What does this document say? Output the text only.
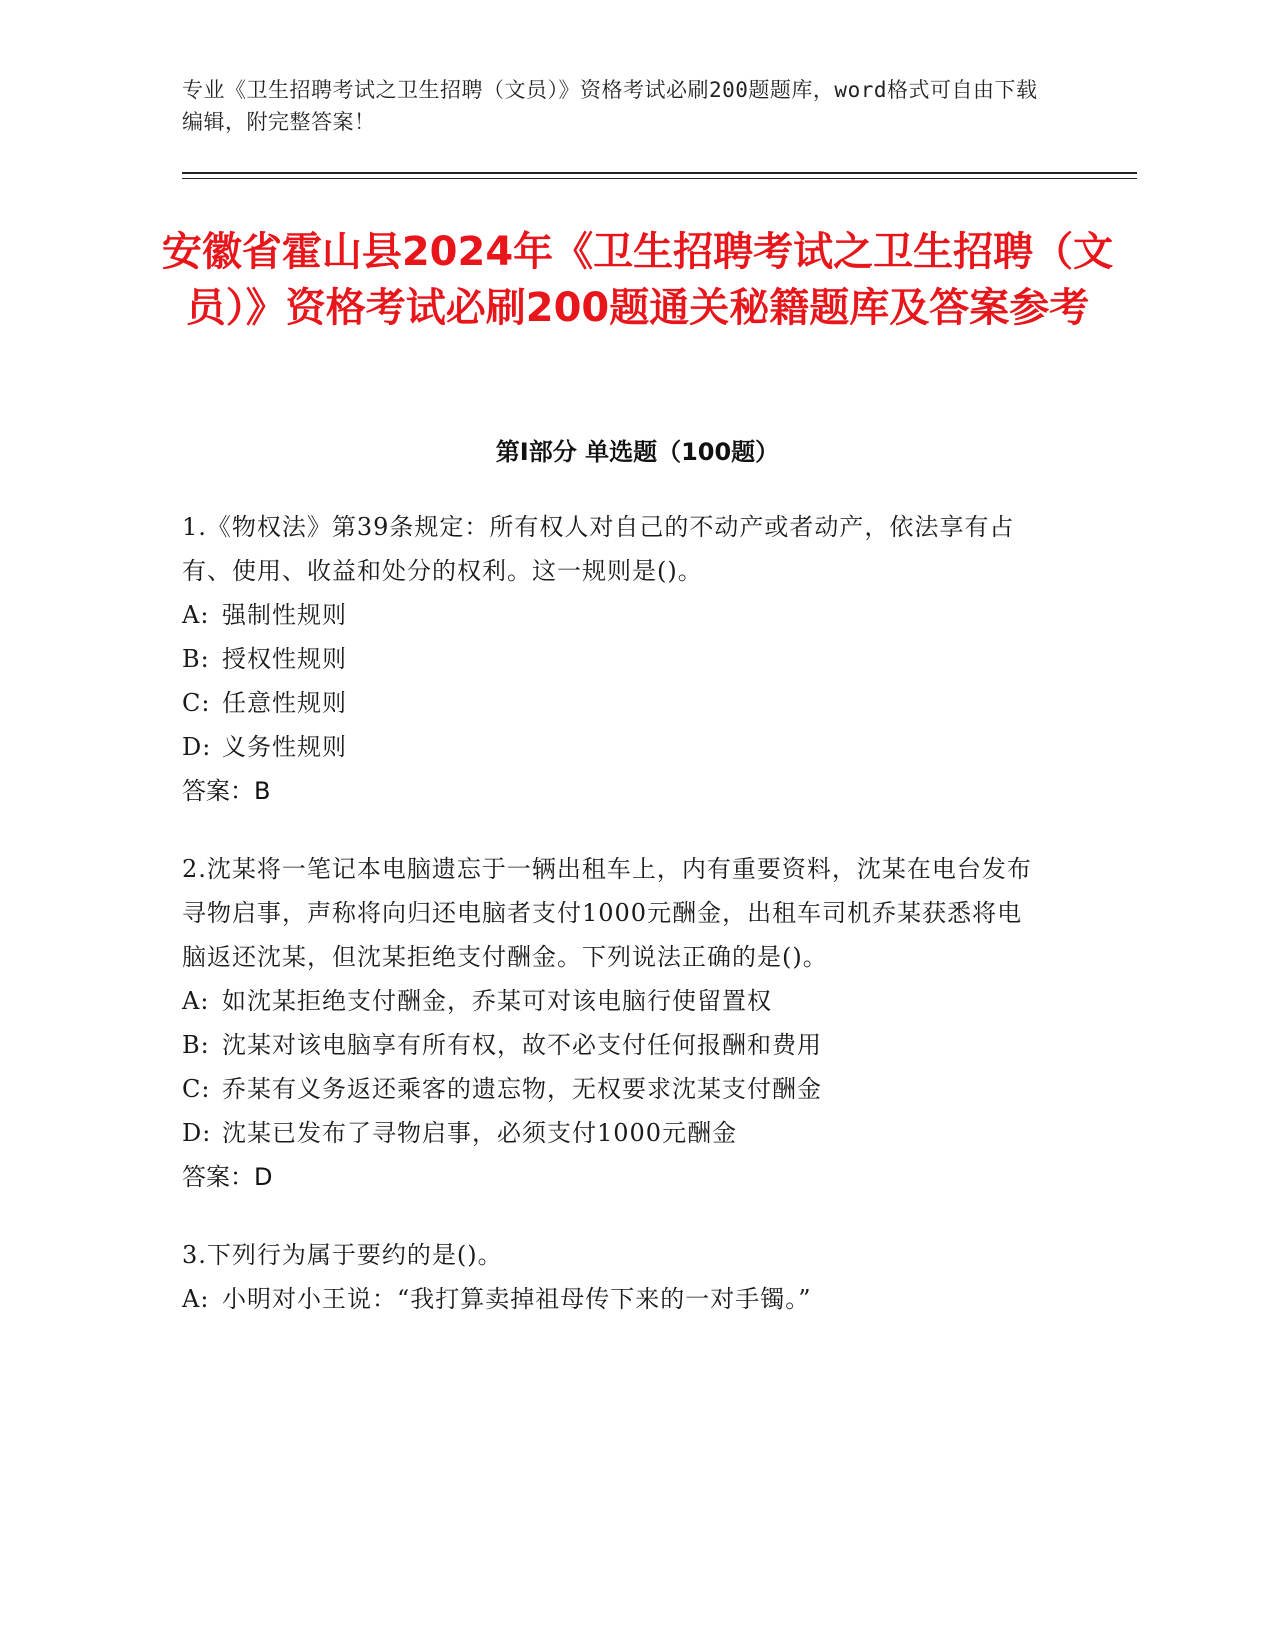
专业《卫生招聘考试之卫生招聘（文员）》资格考试必刷200题题库，word格式可自由下载编辑，附完整答案！
安徽省霍山县2024年《卫生招聘考试之卫生招聘（文员）》资格考试必刷200题通关秘籍题库及答案参考
第Ⅰ部分 单选题（100题）

1.《物权法》第39条规定：所有权人对自己的不动产或者动产，依法享有占有、使用、收益和处分的权利。这一规则是()。

A: 强制性规则

B: 授权性规则

C: 任意性规则

D: 义务性规则

答案：B

2.沈某将一笔记本电脑遗忘于一辆出租车上，内有重要资料，沈某在电台发布寻物启事，声称将向归还电脑者支付1000元酬金，出租车司机乔某获悉将电脑返还沈某，但沈某拒绝支付酬金。下列说法正确的是()。

A: 如沈某拒绝支付酬金，乔某可对该电脑行使留置权

B: 沈某对该电脑享有所有权，故不必支付任何报酬和费用

C: 乔某有义务返还乘客的遗忘物，无权要求沈某支付酬金

D: 沈某已发布了寻物启事，必须支付1000元酬金

答案：D

3.下列行为属于要约的是()。

A: 小明对小王说：“我打算卖掉祖母传下来的一对手镯。”
